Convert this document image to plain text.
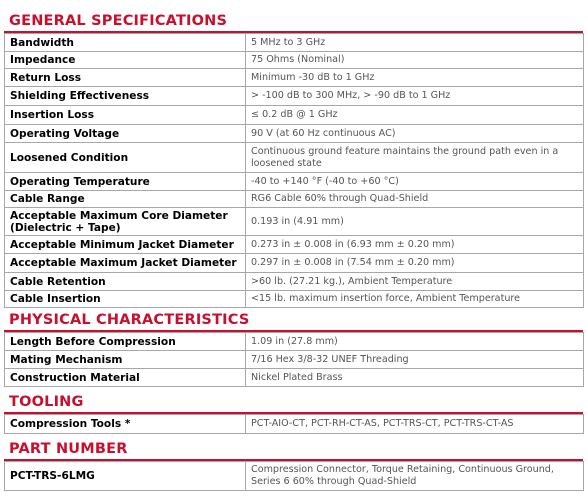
GENERAL SPECIFICATIONS
Bandwidth	5 MHz to 3 GHz
Impedance	75 Ohms (Nominal)
Return Loss	Minimum -30 dB to 1 GHz
Shielding Effectiveness	> -100 dB to 300 MHz, > -90 dB to 1 GHz
Insertion Loss	≤ 0.2 dB @ 1 GHz
Operating Voltage	90 V (at 60 Hz continuous AC)
Loosened Condition	Continuous ground feature maintains the ground path even in a loosened state
Operating Temperature	-40 to +140 °F (-40 to +60 °C)
Cable Range	RG6 Cable 60% through Quad-Shield
Acceptable Maximum Core Diameter (Dielectric + Tape)	0.193 in (4.91 mm)
Acceptable Minimum Jacket Diameter	0.273 in ± 0.008 in (6.93 mm ± 0.20 mm)
Acceptable Maximum Jacket Diameter	0.297 in ± 0.008 in (7.54 mm ± 0.20 mm)
Cable Retention	>60 lb. (27.21 kg.), Ambient Temperature
Cable Insertion	<15 lb. maximum insertion force, Ambient Temperature
PHYSICAL CHARACTERISTICS
Length Before Compression	1.09 in (27.8 mm)
Mating Mechanism	7/16 Hex 3/8-32 UNEF Threading
Construction Material	Nickel Plated Brass
TOOLING
Compression Tools *	PCT-AIO-CT, PCT-RH-CT-AS, PCT-TRS-CT, PCT-TRS-CT-AS
PART NUMBER
PCT-TRS-6LMG	Compression Connector, Torque Retaining, Continuous Ground, Series 6 60% through Quad-Shield
